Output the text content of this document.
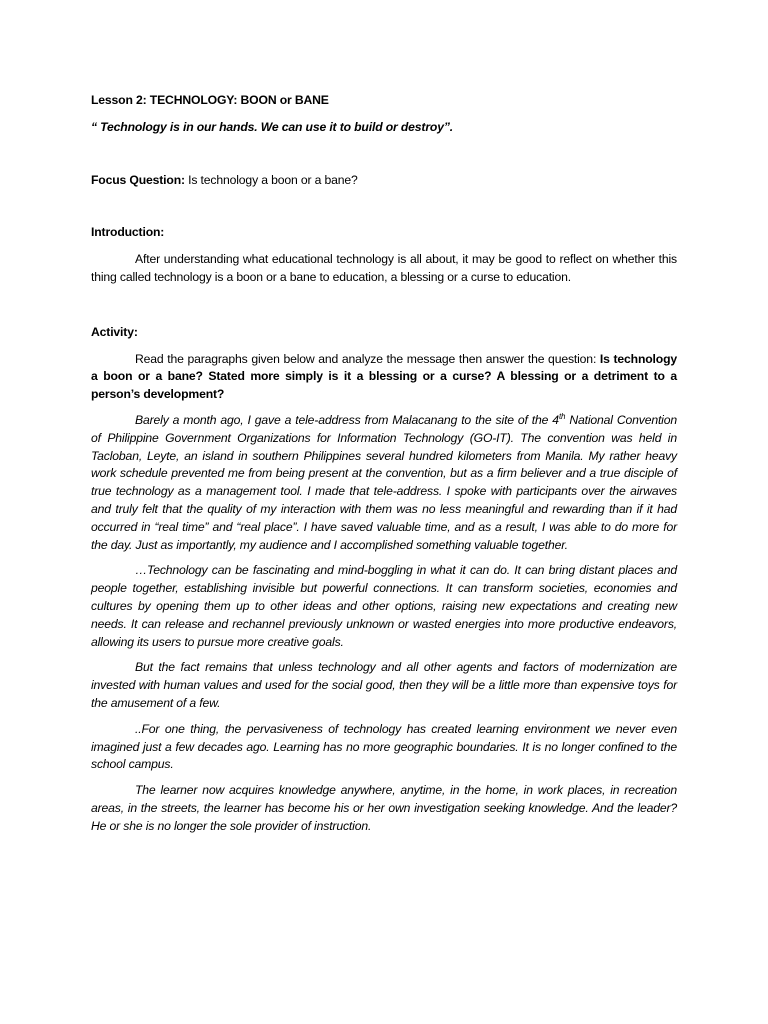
Lesson 2: TECHNOLOGY: BOON or BANE

“ Technology is in our hands. We can use it to build or destroy”.

Focus Question: Is technology a boon or a bane?

Introduction:

After understanding what educational technology is all about, it may be good to reflect on whether this thing called technology is a boon or a bane to education, a blessing or a curse to education.

Activity:

Read the paragraphs given below and analyze the message then answer the question: Is technology a boon or a bane? Stated more simply is it a blessing or a curse? A blessing or a detriment to a person’s development?

Barely a month ago, I gave a tele-address from Malacanang to the site of the 4th National Convention of Philippine Government Organizations for Information Technology (GO-IT). The convention was held in Tacloban, Leyte, an island in southern Philippines several hundred kilometers from Manila. My rather heavy work schedule prevented me from being present at the convention, but as a firm believer and a true disciple of true technology as a management tool. I made that tele-address. I spoke with participants over the airwaves and truly felt that the quality of my interaction with them was no less meaningful and rewarding than if it had occurred in “real time” and “real place”. I have saved valuable time, and as a result, I was able to do more for the day. Just as importantly, my audience and I accomplished something valuable together.

…Technology can be fascinating and mind-boggling in what it can do. It can bring distant places and people together, establishing invisible but powerful connections. It can transform societies, economies and cultures by opening them up to other ideas and other options, raising new expectations and creating new needs. It can release and rechannel previously unknown or wasted energies into more productive endeavors, allowing its users to pursue more creative goals.

But the fact remains that unless technology and all other agents and factors of modernization are invested with human values and used for the social good, then they will be a little more than expensive toys for the amusement of a few.

..For one thing, the pervasiveness of technology has created learning environment we never even imagined just a few decades ago. Learning has no more geographic boundaries. It is no longer confined to the school campus.

The learner now acquires knowledge anywhere, anytime, in the home, in work places, in recreation areas, in the streets, the learner has become his or her own investigation seeking knowledge. And the leader? He or she is no longer the sole provider of instruction.
